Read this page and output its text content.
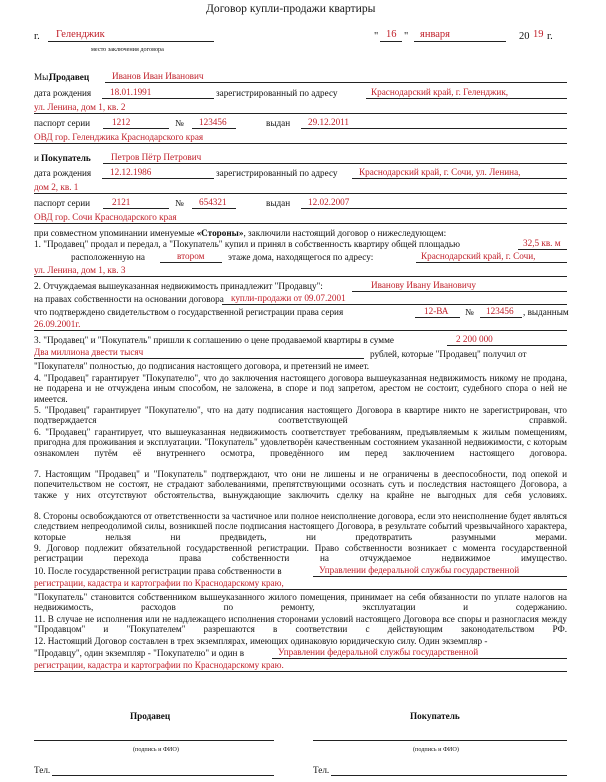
Договор купли-продажи квартиры
г. Геленджик
место заключения договора
" 16 " января	20 19 г.
Мы,
Продавец Иванов Иван Иванович
дата рождения 18.01.1991	зарегистрированный по адресу	Краснодарский край, г. Геленджик,
ул. Ленина, дом 1, кв. 2
паспорт серии 1212	№ 123456	выдан 29.12.2011
ОВД гор. Геленджика Краснодарского края
и Покупатель Петров Пётр Петрович
дата рождения 12.12.1986	зарегистрированный по адресу Краснодарский край, г. Сочи, ул. Ленина,
дом 2, кв. 1
паспорт серии 2121	№ 654321	выдан 12.02.2007
ОВД гор. Сочи Краснодарского края
при совместном упоминании именуемые «Стороны», заключили настоящий договор о нижеследующем:
1. "Продавец" продал и передал, а "Покупатель" купил и принял в собственность квартиру общей площадью	32,5 кв. м
расположенную на	втором	этаже дома, находящегося по адресу:	Краснодарский край, г. Сочи,
ул. Ленина, дом 1, кв. 3
2. Отчуждаемая вышеуказанная недвижимость принадлежит "Продавцу":	Иванову Ивану Ивановичу
на правах собственности на основании договора купли-продажи от 09.07.2001
что подтверждено свидетельством о государственной регистрации права серия	12-ВА № 123456 , выданным
26.09.2001г.
3. "Продавец" и "Покупатель" пришли к соглашению о цене продаваемой квартиры в сумме	2 200 000
Два миллиона двести тысяч	рублей, которые "Продавец" получил от
"Покупателя" полностью, до подписания настоящего договора, и претензий не имеет.
4. "Продавец" гарантирует "Покупателю", что до заключения настоящего договора вышеуказанная недвижимость никому не продана, не подарена и не отчуждена иным способом, не заложена, в споре и под запретом, арестом не состоит, судебного спора о ней не имеется.
5. "Продавец" гарантирует "Покупателю", что на дату подписания настоящего Договора в квартире никто не зарегистрирован, что подтверждается соответствующей справкой.
6. "Продавец" гарантирует, что вышеуказанная недвижимость соответствует требованиям, предъявляемым к жилым помещениям, пригодна для проживания и эксплуатации. "Покупатель" удовлетворён качественным состоянием указанной недвижимости, с которым ознакомлен путём её внутреннего осмотра, проведённого им перед заключением настоящего договора.
7. Настоящим "Продавец" и "Покупатель" подтверждают, что они не лишены и не ограничены в дееспособности, под опекой и попечительством не состоят, не страдают заболеваниями, препятствующими осознать суть и последствия настоящего Договора, а также у них отсутствуют обстоятельства, вынуждающие заключить сделку на крайне не выгодных для себя условиях.
8. Стороны освобождаются от ответственности за частичное или полное неисполнение договора, если это неисполнение будет являться следствием непреодолимой силы, возникшей после подписания настоящего Договора, в результате событий чрезвычайного характера, которые нельзя ни предвидеть, ни предотвратить разумными мерами.
9. Договор подлежит обязательной государственной регистрации. Право собственности возникает с момента государственной регистрации перехода права собственности на отчуждаемое недвижимое имущество.
10. После государственной регистрации права собственности в	Управлении федеральной службы государственной
регистрации, кадастра и картографии по Краснодарскому краю,
"Покупатель" становится собственником вышеуказанного жилого помещения, принимает на себя обязанности по уплате налогов на недвижимость, расходов по ремонту, эксплуатации и содержанию.
11. В случае не исполнения или не надлежащего исполнения сторонами условий настоящего Договора все споры и разногласия между "Продавцом" и "Покупателем" разрешаются в соответствии с действующим законодательством РФ.
12. Настоящий Договор составлен в трех экземплярах, имеющих одинаковую юридическую силу. Один экземпляр -
"Продавцу", один экземпляр - "Покупателю" и один в	Управлении федеральной службы государственной
регистрации, кадастра и картографии по Краснодарскому краю.
Продавец	Покупатель
(подпись и ФИО)	(подпись и ФИО)
Тел.	Тел.
